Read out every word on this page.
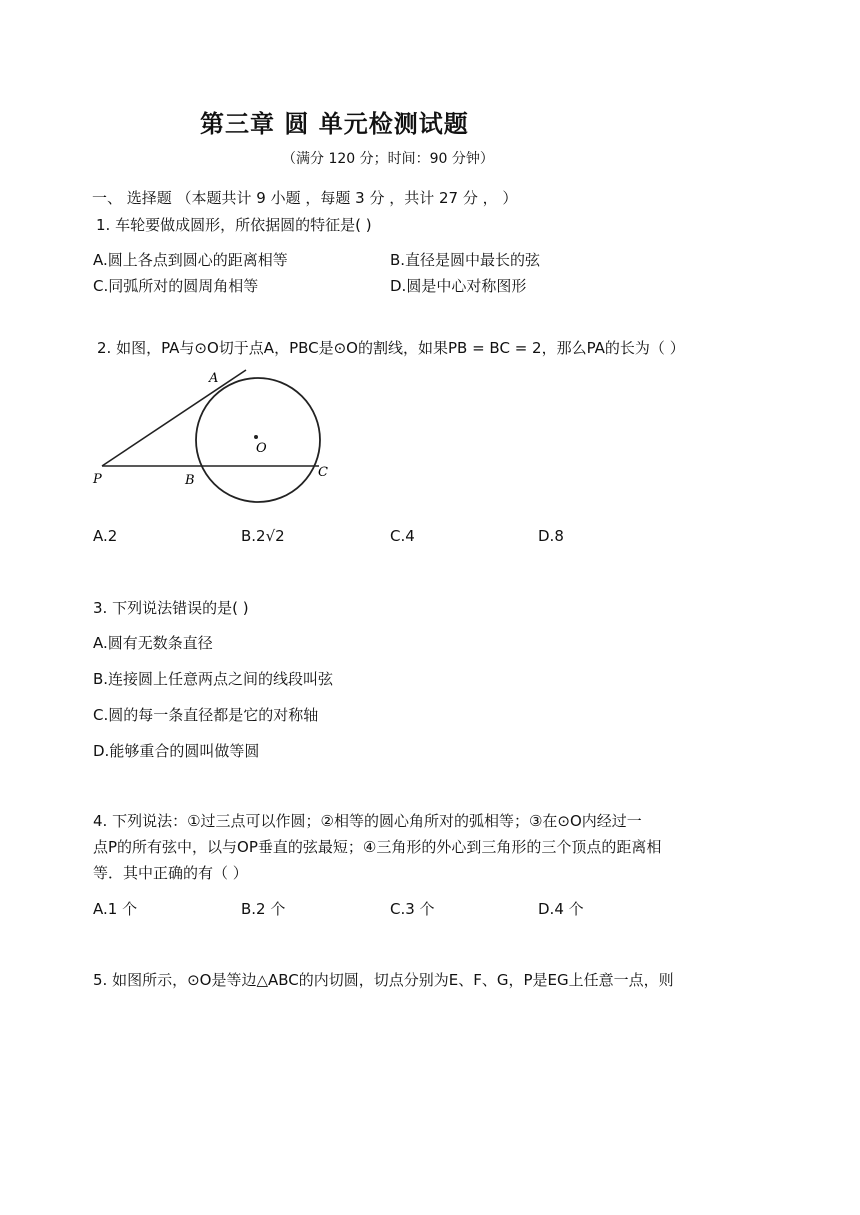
第三章 圆 单元检测试题
（满分 120 分；时间：90 分钟）
一、 选择题 （本题共计 9 小题 ，每题 3 分 ，共计 27 分 ， ）
1. 车轮要做成圆形，所依据圆的特征是( )
A.圆上各点到圆心的距离相等	B.直径是圆中最长的弦
C.同弧所对的圆周角相等	D.圆是中心对称图形
2. 如图，PA与⊙O切于点A，PBC是⊙O的割线，如果PB = BC = 2，那么PA的长为（ ）
A
O
P	B
C
A.2	B.2√2	C.4	D.8
3. 下列说法错误的是( )
A.圆有无数条直径
B.连接圆上任意两点之间的线段叫弦
C.圆的每一条直径都是它的对称轴
D.能够重合的圆叫做等圆
4. 下列说法：①过三点可以作圆；②相等的圆心角所对的弧相等；③在⊙O内经过一
点P的所有弦中，以与OP垂直的弦最短；④三角形的外心到三角形的三个顶点的距离相
等．其中正确的有（ ）
A.1 个	B.2 个	C.3 个	D.4 个
5. 如图所示，⊙O是等边△ABC的内切圆，切点分别为E、F、G，P是EG上任意一点，则
